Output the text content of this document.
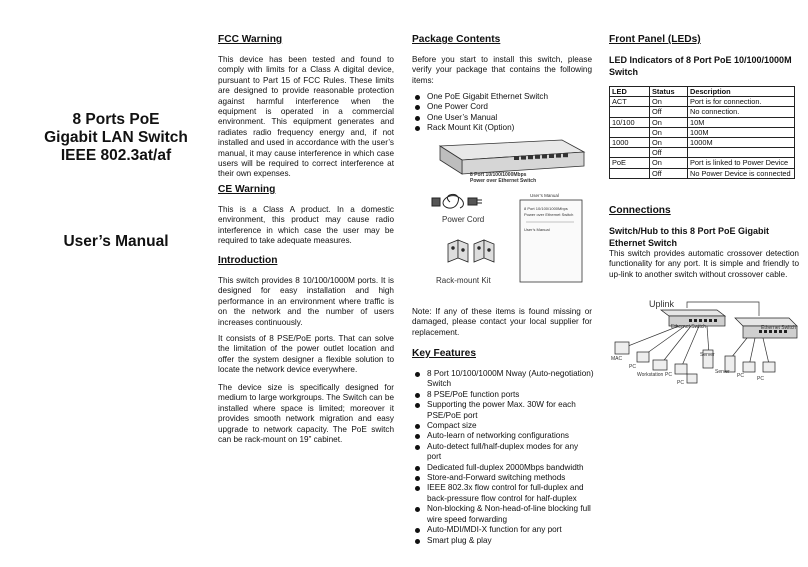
8 Ports PoE
Gigabit LAN Switch
IEEE 802.3at/af
User’s Manual
FCC Warning
This device has been tested and found to comply with limits for a Class A digital device, pursuant to Part 15 of FCC Rules. These limits are designed to provide reasonable protection against harmful interference when the equipment is operated in a commercial environment. This equipment generates and radiates radio frequency energy and, if not installed and used in accordance with the user’s manual, it may cause interference in which case users will be required to correct interference at their own expenses.
CE Warning
This is a Class A product. In a domestic environment, this product may cause radio interference in which case the user may be required to take adequate measures.
Introduction
This switch provides 8 10/100/1000M ports. It is designed for easy installation and high performance in an environment where traffic is on the network and the number of users increases continuously.
It consists of 8 PSE/PoE ports. That can solve the limitation of the power outlet location and offer the system designer a flexible solution to locate the network device everywhere.
The device size is specifically designed for medium to large workgroups. The Switch can be installed where space is limited; moreover it provides smooth network migration and easy upgrade to network capacity. The PoE switch can be rack-mount on 19” cabinet.
Package Contents
Before you start to install this switch, please verify your package that contains the following items:
One PoE Gigabit Ethernet Switch
One Power Cord
One User’s Manual
Rack Mount Kit (Option)
8 Port 10/100/1000Mbps
Power over Ethernet Switch
Power Cord
Rack-mount Kit
User’s Manual
8 Port 10/100/1000Mbps
Power over Ethernet Switch
User’s Manual
Note: If any of these items is found missing or damaged, please contact your local supplier for replacement.
Key Features
8 Port 10/100/1000M Nway (Auto-negotiation) Switch
8 PSE/PoE function ports
Supporting the power Max. 30W for each PSE/PoE port
Compact size
Auto-learn of networking configurations
Auto-detect full/half-duplex modes for any port
Dedicated full-duplex 2000Mbps bandwidth
Store-and-Forward switching methods
IEEE 802.3x flow control for full-duplex and back-pressure flow control for half-duplex
Non-blocking & Non-head-of-line blocking full wire speed forwarding
Auto-MDI/MDI-X function for any port
Smart plug & play
Front Panel (LEDs)
LED Indicators of 8 Port PoE 10/100/1000M Switch
LED	Status	Description
ACT	On	Port is for connection.
	Off	No connection.
10/100	On	10M
	On	100M
1000	On	1000M
	Off	
PoE	On	Port is linked to Power Device
	Off	No Power Device is connected
Connections
Switch/Hub to this 8 Port PoE Gigabit Ethernet Switch
This switch provides automatic crossover detection functionality for any port. It is simple and friendly to up-link to another switch without crossover cable.
Uplink
Ethernet Switch	Ethernet Switch
MAC
PC
Workstation PC
PC
Server
Server
PC	PC
